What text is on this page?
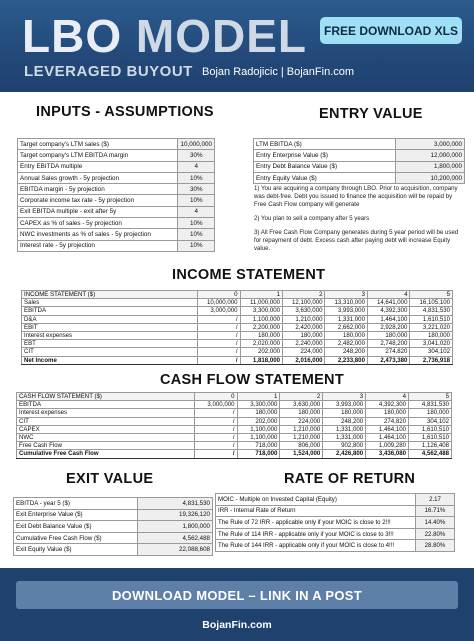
LBO MODEL
LEVERAGED BUYOUT Bojan Radojicic | BojanFin.com
FREE DOWNLOAD XLS
INPUTS - ASSUMPTIONS
Target company's LTM sales ($)	10,000,000
Target company's LTM EBITDA margin	30%
Entry EBITDA multiple	4
Annual Sales growth - 5y projection	10%
EBITDA margin - 5y projection	30%
Corporate income tax rate - 5y projection	10%
Exit EBITDA multiple - exit after 5y	4
CAPEX as % of sales - 5y projection	10%
NWC investments as % of sales - 5y projection	10%
Interest rate - 5y projection	10%
ENTRY VALUE
LTM EBITDA ($)	3,000,000
Entry Enterprise Value ($)	12,000,000
Entry Debt Balance Value ($)	1,800,000
Entry Equity Value ($)	10,200,000

1) You are acquiring a company through LBO. Prior to acquisition, company was debt-free. Debt you issued to finance the acquisition will be repaid by Free Cash Flow company will generate

2) You plan to sell a company after 5 years

3) All Free Cash Flow Company generates during 5 year period will be used for repayment of debt. Excess cash after paying debt will increase Equity value.

INCOME STATEMENT
INCOME STATEMENT ($)	0	1	2	3	4	5
Sales	10,000,000	11,000,000	12,100,000	13,310,000	14,641,000	16,105,100
EBITDA	3,000,000	3,300,000	3,630,000	3,993,000	4,392,300	4,831,530
D&A	/	1,100,000	1,210,000	1,331,000	1,464,100	1,610,510
EBIT	/	2,200,000	2,420,000	2,662,000	2,928,200	3,221,020
Interest expenses	/	180,000	180,000	180,000	180,000	180,000
EBT	/	2,020,000	2,240,000	2,482,000	2,748,200	3,041,020
CIT	/	202,000	224,000	248,200	274,820	304,102
Net Income	/	1,818,000	2,016,000	2,233,800	2,473,380	2,736,918
CASH FLOW STATEMENT
CASH FLOW STATEMENT ($)	0	1	2	3	4	5
EBITDA	3,000,000	3,300,000	3,630,000	3,993,000	4,392,300	4,831,530
Interest expenses	/	180,000	180,000	180,000	180,000	180,000
CIT	/	202,000	224,000	248,200	274,820	304,102
CAPEX	/	1,100,000	1,210,000	1,331,000	1,464,100	1,610,510
NWC	/	1,100,000	1,210,000	1,331,000	1,464,100	1,610,510
Free Cash Flow	/	718,000	806,000	902,800	1,009,280	1,126,408
Cumulative Free Cash Flow	/	718,000	1,524,000	2,426,800	3,436,080	4,562,488
EXIT VALUE
EBITDA - year 5 ($)	4,831,530
Exit Enterprise Value ($)	19,326,120
Exit Debt Balance Value ($)	1,800,000
Cumulative Free Cash Flow ($)	4,562,488
Exit Equity Value ($)	22,088,608
RATE OF RETURN
MOIC - Multiple on Invested Capital (Equity)	2.17
IRR - Internal Rate of Return	16.71%
The Rule of 72 IRR - applicable only if your MOIC is close to 2!!!	14.40%
The Rule of 114 IRR - applicable only if your MOIC is close to 3!!!	22.80%
The Rule of 144 IRR - applicable only if your MOIC is close to 4!!!	28.80%
DOWNLOAD MODEL – LINK IN A POST
BojanFin.com
